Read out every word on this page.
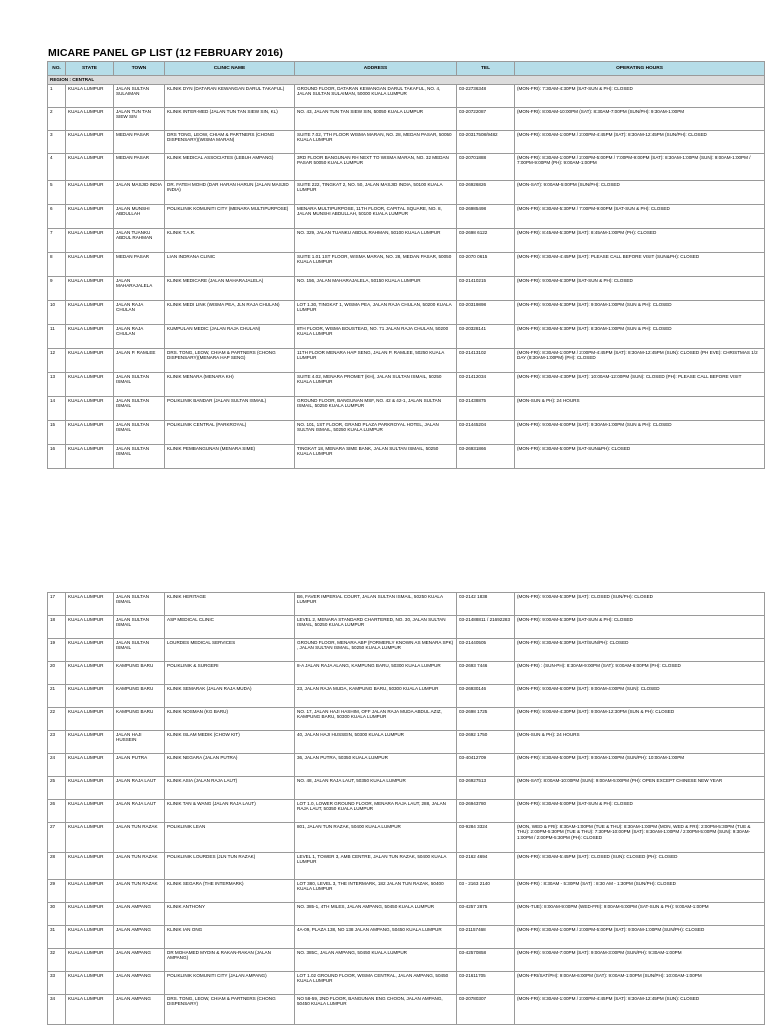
MICARE PANEL GP LIST (12 FEBRUARY 2016)
NO.	STATE	TOWN	CLINIC NAME	ADDRESS	TEL	OPERATING HOURS
REGION : CENTRAL						
1	KUALA LUMPUR	JALAN SULTAN SULAIMAN	KLINIK DYN (DATARAN KEWANGAN DARUL TAKAFUL)	GROUND FLOOR, DATARAN KEWANGAN DARUL TAKAFUL, NO. 4, JALAN SULTAN SULAIMAN, 50000 KUALA LUMPUR	03-22736348	(MON-FRI): 7:30AM-4:30PM (SAT-SUN & PH): CLOSED
2	KUALA LUMPUR	JALAN TUN TAN SIEW SIN	KLINIK INTER-MED (JALAN TUN TAN SIEW SIN, KL)	NO. 43, JALAN TUN TAN SIEW SIN, 50050 KUALA LUMPUR	03-20722087	(MON-FRI): 8:00AM-10:00PM (SAT): 8:30AM-7:00PM (SUN/PH): 9:30AM-1:00PM
3	KUALA LUMPUR	MEDAN PASAR	DRS TONG, LEOW, CHIAM & PARTNERS (CHONG DISPENSARY)(WISMA MARAN)	SUITE 7.02, 7TH FLOOR WISMA MARAN, NO. 28, MEDAN PASAR, 50050 KUALA LUMPUR	03-20317508/9482	(MON-FRI): 8:00AM-1:00PM / 2:00PM-4:45PM (SAT): 8:30AM-12:45PM (SUN/PH): CLOSED
4	KUALA LUMPUR	MEDAN PASAR	KLINIK MEDICAL ASSOCIATES (LEBUH AMPANG)	3RD FLOOR BANGUNAN RH NEXT TO WISMA MARAN, NO. 32 MEDAN PASAR 50050 KUALA LUMPUR	03-20701888	(MON-FRI): 8:30AM-1:00PM / 2:00PM-5:00PM / 7:00PM-9:00PM (SAT): 8:30AM-1:00PM (SUN): 9:00AM-1:00PM / 7:00PM-9:00PM (PH): 9:00AM-1:00PM
5	KUALA LUMPUR	JALAN MASJID INDIA	DR. FATEH MOHD (DAR HARAN HARUN (JALAN MASJID INDIA)	SUITE 222, TINGKAT 2, NO. 50, JALAN MASJID INDIA, 50100 KUALA LUMPUR	03-26926826	(MON-SAT): 9:00AM-5:00PM (SUN/PH): CLOSED
6	KUALA LUMPUR	JALAN MUNSHI ABDULLAH	POLIKLINIK KOMUNITI CITY (MENARA MULTIPURPOSE)	MENARA MULTIPURPOSE, 11TH FLOOR, CAPITAL SQUARE, NO. 8, JALAN MUNSHI ABDULLAH, 50100 KUALA LUMPUR	03-26985498	(MON-FRI): 8:30AM-5:30PM / 7:00PM-9:00PM (SAT-SUN & PH): CLOSED
7	KUALA LUMPUR	JALAN TUANKU ABDUL RAHMAN	KLINIK T.A.R.	NO. 329, JALAN TUANKU ABDUL RAHMAN, 50100 KUALA LUMPUR	03-2698 6122	(MON-FRI): 8:45AM-5:30PM (SAT): 8:45AM-1:00PM (PH): CLOSED
8	KUALA LUMPUR	MEDAN PASAR	LIAN INDRANA CLINIC	SUITE 1.01 1ST FLOOR, WISMA MARAN, NO. 28, MEDAN PASAR, 50050 KUALA LUMPUR	03-2070 0615	(MON-FRI): 8:30AM-4:45PM (SAT): PLEASE CALL BEFORE VISIT (SUN&PH): CLOSED
9	KUALA LUMPUR	JALAN MAHARAJALELA	KLINIK MEDICARE (JALAN MAHARAJALELA)	NO. 156, JALAN MAHARAJALELA, 50150 KUALA LUMPUR	03-21410215	(MON-FRI): 9:00AM-6:30PM (SAT-SUN & PH): CLOSED
10	KUALA LUMPUR	JALAN RAJA CHULAN	KLINIK MEDI LINK (WISMA PEA, JLN RAJA CHULAN)	LOT 1.30, TINGKAT 1, WISMA PEA, JALAN RAJA CHULAN, 50200 KUALA LUMPUR	03-20319898	(MON-FRI): 9:00AM-5:30PM (SAT): 9:00AM-1:00PM (SUN & PH): CLOSED
11	KUALA LUMPUR	JALAN RAJA CHULAN	KUMPULAN MEDIC (JALAN RAJA CHULAN)	8TH FLOOR, WISMA BOUSTEAD, NO. 71 JALAN RAJA CHULAN, 50200 KUALA LUMPUR	03-20328141	(MON-FRI): 8:30AM-5:30PM (SAT): 8:30AM-1:00PM (SUN & PH): CLOSED
12	KUALA LUMPUR	JALAN P. RAMLEE	DRS. TONG, LEOW, CHIAM & PARTNERS (CHONG DISPENSARY)(MENARA HAP SENG)	11TH FLOOR MENARA HAP SENG, JALAN P. RAMLEE, 50250 KUALA LUMPUR	03-21413102	(MON-FRI): 8:30AM-1:00PM / 2:00PM-4:45PM (SAT): 8:30AM-12:45PM (SUN): CLOSED (PH EVE): CHRISTMAS 1/2 DAY (8:30AM-1:00PM) (PH): CLOSED
13	KUALA LUMPUR	JALAN SULTAN ISMAIL	KLINIK MENARA (MENARA KH)	SUITE 4.02, MENARA PROMET (KH), JALAN SULTAN ISMAIL, 50250 KUALA LUMPUR	03-21412034	(MON-FRI): 8:30AM-4:30PM (SAT): 10:00AM-12:00PM (SUN): CLOSED (PH): PLEASE CALL BEFORE VISIT
14	KUALA LUMPUR	JALAN SULTAN ISMAIL	POLIKLINIK BANDAR (JALAN SULTAN ISMAIL)	GROUND FLOOR, BANGUNAN MSF, NO. 42 & 42-1, JALAN SULTAN ISMAIL, 50250 KUALA LUMPUR	03-21438875	(MON-SUN & PH): 24 HOURS
15	KUALA LUMPUR	JALAN SULTAN ISMAIL	POLIKLINIK CENTRAL (PARKROYAL)	NO. 101, 1ST FLOOR, GRAND PLAZA PARKROYAL HOTEL, JALAN SULTAN ISMAIL, 50250 KUALA LUMPUR	03-21445204	(MON-FRI): 9:00AM-6:00PM (SAT): 9:30AM-1:00PM (SUN & PH): CLOSED
16	KUALA LUMPUR	JALAN SULTAN ISMAIL	KLINIK PEMBANGUNAN (MENARA SIME)	TINGKAT 18, MENARA SIME BANK, JALAN SULTAN ISMAIL, 50250 KUALA LUMPUR	03-26931866	(MON-FRI): 8:30AM-5:00PM (SAT-SUN&PH): CLOSED
17	KUALA LUMPUR	JALAN SULTAN ISMAIL	KLINIK HERITAGE	B6, FAVER IMPERIAL COURT, JALAN SULTAN ISMAIL, 50250 KUALA LUMPUR	03-2142 1838	(MON-FRI): 9:00AM-5:30PM (SAT): CLOSED (SUN/PH): CLOSED
18	KUALA LUMPUR	JALAN SULTAN ISMAIL	ASP MEDICAL CLINIC	LEVEL 2, MENARA STANDARD CHARTERED, NO. 30, JALAN SULTAN ISMAIL, 50250 KUALA LUMPUR	03-21488811 / 21692283	(MON-FRI): 9:00AM-5:30PM (SAT-SUN & PH): CLOSED
19	KUALA LUMPUR	JALAN SULTAN ISMAIL	LOURDES MEDICAL SERVICES	GROUND FLOOR, MENARA ABP (FORMERLY KNOWN AS MENARA SPK) , JALAN SULTAN ISMAIL, 50250 KUALA LUMPUR	03-21440505	(MON-FRI): 8:30AM-5:30PM (SAT/SUN/PH): CLOSED
20	KUALA LUMPUR	KAMPUNG BARU	POLIKLINIK & SURGERI	8-A JALAN RAJA ALANG, KAMPUNG BARU, 50300 KUALA LUMPUR	03-2693 7446	(MON-FRI) : (SUN-PH): 8:30AM-9:00PM (SAT): 9:00AM-6:00PM (PH): CLOSED
21	KUALA LUMPUR	KAMPUNG BARU	KLINIK SEMARAK (JALAN RAJA MUDA)	23, JALAN RAJA MUDA, KAMPUNG BARU, 50300 KUALA LUMPUR	03-26930146	(MON-FRI): 9:00AM-6:00PM (SAT): 9:00AM-4:00PM (SUN): CLOSED
22	KUALA LUMPUR	KAMPUNG BARU	KLINIK NOSMAN (KG BARU)	NO. 17, JALAN HAJI HASHIM, OFF JALAN RAJA MUDA ABDUL AZIZ, KAMPUNG BARU, 50300 KUALA LUMPUR	03-2698 1725	(MON-FRI): 9:00AM-4:30PM (SAT): 9:00AM-12:30PM (SUN & PH): CLOSED
23	KUALA LUMPUR	JALAN HAJI HUSSEIN	KLINIK ISLAM MEDIK (CHOW KIT)	40, JALAN HAJI HUSSEIN, 50300 KUALA LUMPUR	03-2692 1750	(MON-SUN & PH): 24 HOURS
24	KUALA LUMPUR	JALAN PUTRA	KLINIK NEGARA (JALAN PUTRA)	36, JALAN PUTRA, 50350 KUALA LUMPUR	03-40412709	(MON-FRI): 8:30AM-5:00PM (SAT): 9:00AM-1:00PM (SUN/PH): 10:00AM-1:00PM
25	KUALA LUMPUR	JALAN RAJA LAUT	KLINIK ASIA (JALAN RAJA LAUT)	NO. 48, JALAN RAJA LAUT, 50350 KUALA LUMPUR	03-26927513	(MON-SAT): 8:00AM-10:00PM (SUN): 9:00AM-5:00PM (PH): OPEN EXCEPT CHINESE NEW YEAR
26	KUALA LUMPUR	JALAN RAJA LAUT	KLINIK TAN & WANG (JALAN RAJA LAUT)	LOT 1.0, LOWER GROUND FLOOR, MENARA RAJA LAUT, 288, JALAN RAJA LAUT, 50350 KUALA LUMPUR	03-26943780	(MON-FRI): 8:30AM-5:00PM (SAT-SUN & PH): CLOSED
27	KUALA LUMPUR	JALAN TUN RAZAK	POLIKLINIK LEAN	801, JALAN TUN RAZAK, 50400 KUALA LUMPUR	03-9284 3324	(MON, WED & FRI): 8:30AM-1:00PM (TUE & THU): 8:30AM-1:00PM (MON, WED & FRI): 2:00PM-5:30PM (TUE & THU): 2:00PM-5:30PM (TUE & THU): 7:30PM-10:00PM (SAT): 8:30AM-1:00PM / 2:00PM-5:00PM (SUN): 9:30AM-1:00PM / 2:00PM-5:30PM (PH): CLOSED
28	KUALA LUMPUR	JALAN TUN RAZAK	POLIKLINIK LOURDES (JLN TUN RAZAK)	LEVEL 1, TOWER 3, AMB CENTRE, JALAN TUN RAZAK, 50400 KUALA LUMPUR	03-2162 4694	(MON-FRI): 8:30AM-5:45PM (SAT): CLOSED (SUN): CLOSED (PH): CLOSED
29	KUALA LUMPUR	JALAN TUN RAZAK	KLINIK SEGARA (THE INTERMARK)	LOT 380, LEVEL 3, THE INTERMARK, 182 JALAN TUN RAZAK, 50400 KUALA LUMPUR	03 - 2163 2140	(MON-FRI) : 8:30AM - 5:30PM (SAT) : 8:30 AM - 1:30PM (SUN/PH): CLOSED
30	KUALA LUMPUR	JALAN AMPANG	KLINIK ANTHONY	NO. 385-1, 4TH MILES, JALAN AMPANG, 50450 KUALA LUMPUR	03-4257 2875	(MON-TUE): 8:00AM-9:00PM (WED-FRI): 9:00AM-5:00PM (SAT-SUN & PH): 9:00AM-1:00PM
31	KUALA LUMPUR	JALAN AMPANG	KLINIK IAN ONG	4A-09, PLAZA 138, NO 138 JALAN AMPANG, 50450 KUALA LUMPUR	03-21157468	(MON-FRI): 8:30AM-1:00PM / 2:00PM-5:00PM (SAT): 9:00AM-1:00PM (SUN/PH): CLOSED
32	KUALA LUMPUR	JALAN AMPANG	DR MOHAMED MYDIN & RAKAN-RAKAN (JALAN AMPANG)	NO. 385C, JALAN AMPANG, 50450 KUALA LUMPUR	03-42570858	(MON-FRI): 9:00AM-7:00PM (SAT): 9:00AM-3:00PM (SUN/PH): 9:30AM-1:00PM
33	KUALA LUMPUR	JALAN AMPANG	POLIKLINIK KOMUNITI CITY (JALAN AMPANG)	LOT 1.02 GROUND FLOOR, WISMA CENTRAL, JALAN AMPANG, 50450 KUALA LUMPUR	03-21611705	(MON-FRI/SAT/PH): 9:00AM-6:00PM (SAT): 9:00AM-1:00PM (SUN/PH): 10:00AM-1:00PM
34	KUALA LUMPUR	JALAN AMPANG	DRS. TONG, LEOW, CHIAM & PARTNERS (CHONG DISPENSARY)	NO 58-59, 2ND FLOOR, BANGUNAN ENG CHOON, JALAN AMPANG, 50450 KUALA LUMPUR	03-20780307	(MON-FRI): 8:30AM-1:00PM / 2:00PM-4:45PM (SAT): 8:30AM-12:45PM (SUN): CLOSED
